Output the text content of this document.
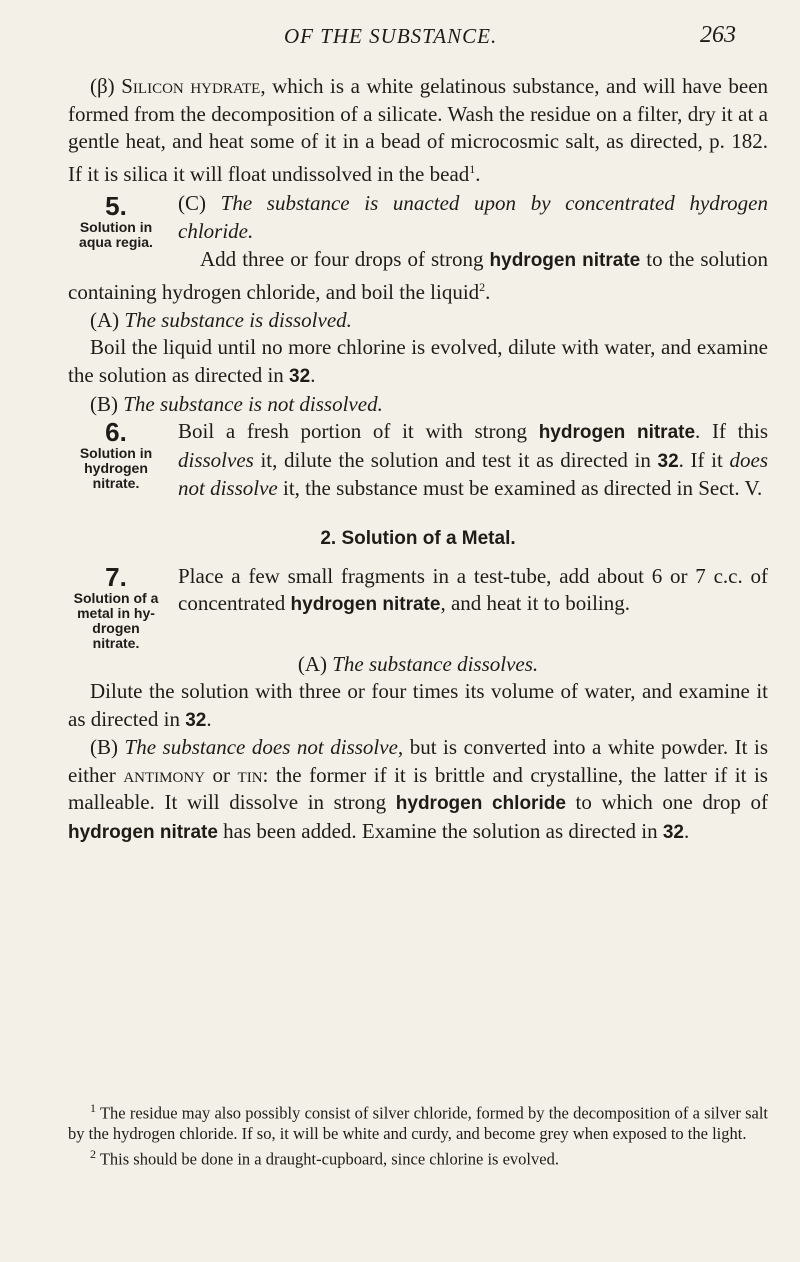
OF THE SUBSTANCE.	263

(β) Silicon hydrate, which is a white gelatinous substance, and will have been formed from the decomposition of a silicate. Wash the residue on a filter, dry it at a gentle heat, and heat some of it in a bead of microcosmic salt, as directed, p. 182. If it is silica it will float undissolved in the bead$^1$.

5.
Solution in
aqua regia.

(C) The substance is unacted upon by concentrated hydrogen chloride.

Add three or four drops of strong hydrogen nitrate to the solution containing hydrogen chloride, and boil the liquid$^2$.

(A) The substance is dissolved.

Boil the liquid until no more chlorine is evolved, dilute with water, and examine the solution as directed in 32.

(B) The substance is not dissolved.

6.
Solution in
hydrogen
nitrate.

Boil a fresh portion of it with strong hydrogen nitrate. If this dissolves it, dilute the solution and test it as directed in 32. If it does not dissolve it, the substance must be examined as directed in Sect. V.

2. Solution of a Metal.
7.
Solution of a
metal in hy-
drogen nitrate.

Place a few small fragments in a test-tube, add about 6 or 7 c.c. of concentrated hydrogen nitrate, and heat it to boiling.

(A) The substance dissolves.

Dilute the solution with three or four times its volume of water, and examine it as directed in 32.

(B) The substance does not dissolve, but is converted into a white powder. It is either antimony or tin: the former if it is brittle and crystalline, the latter if it is malleable. It will dissolve in strong hydrogen chloride to which one drop of hydrogen nitrate has been added. Examine the solution as directed in 32.

$^1$ The residue may also possibly consist of silver chloride, formed by the decomposition of a silver salt by the hydrogen chloride. If so, it will be white and curdy, and become grey when exposed to the light.

$^2$ This should be done in a draught-cupboard, since chlorine is evolved.
